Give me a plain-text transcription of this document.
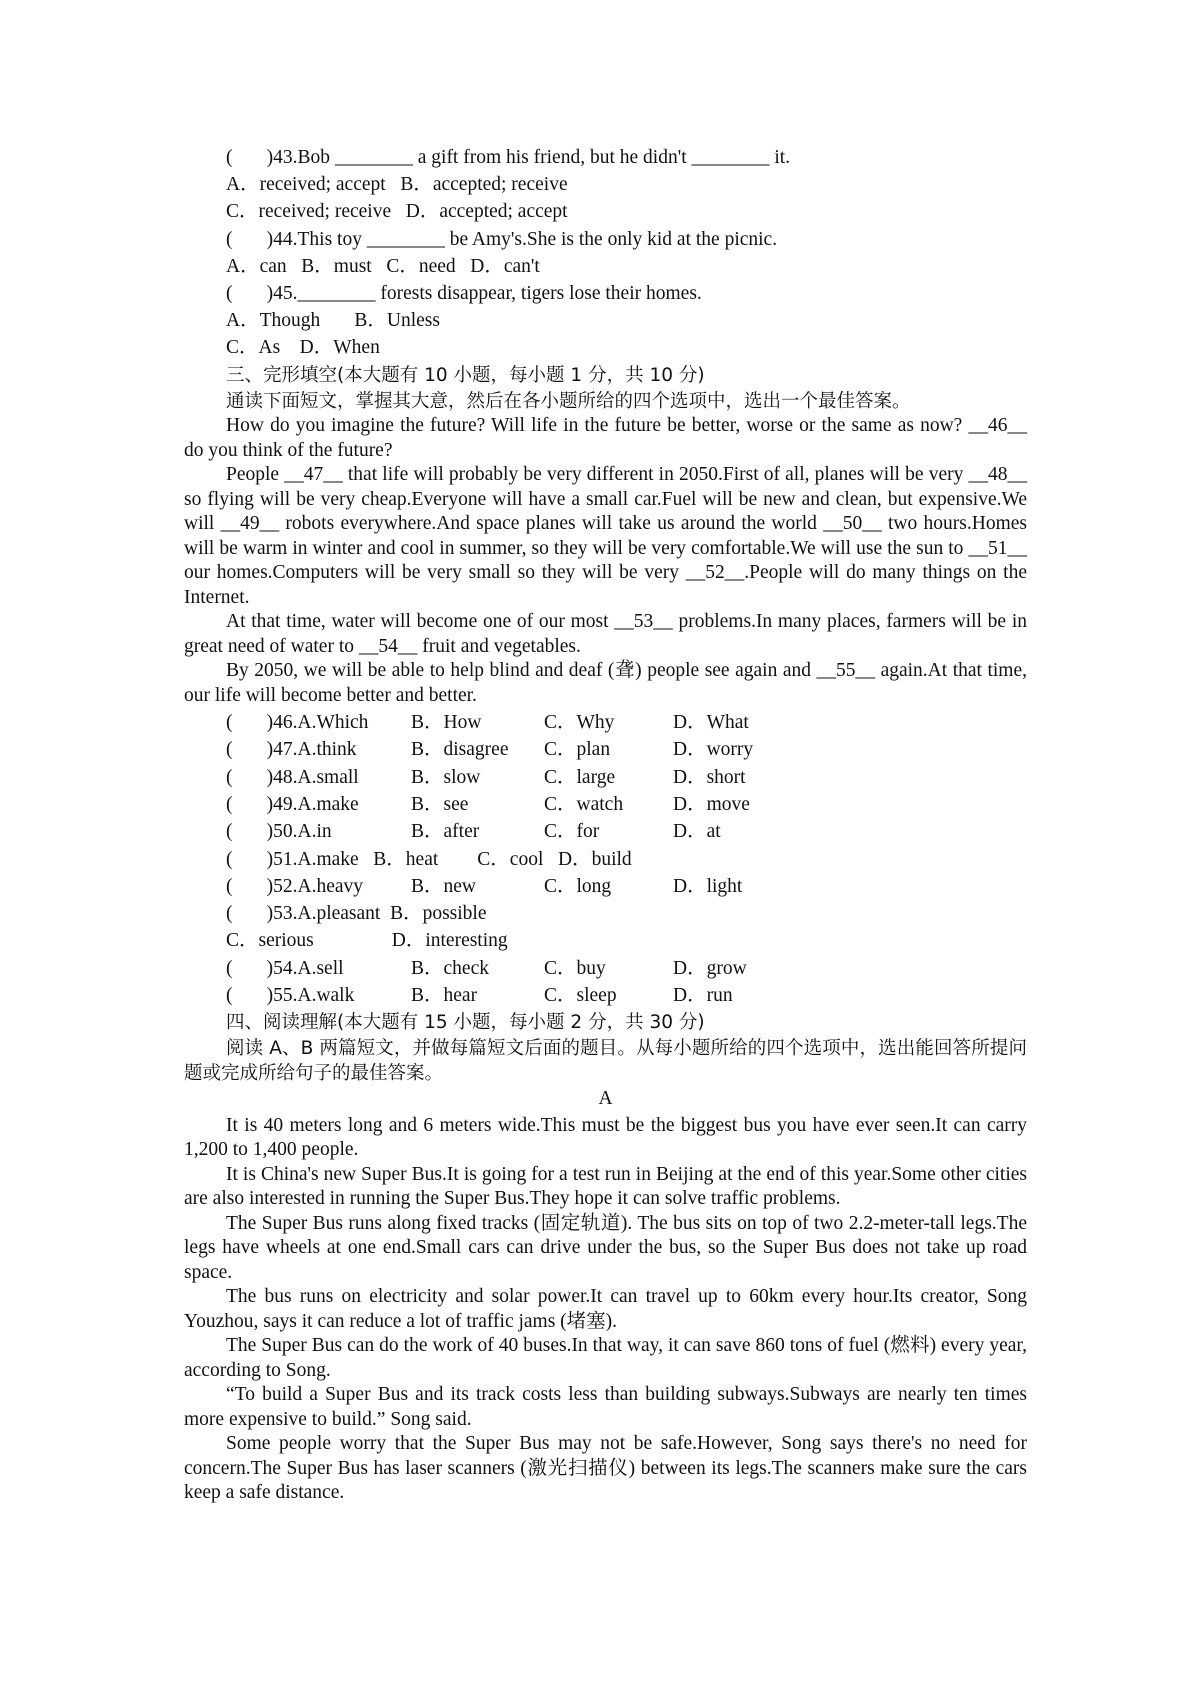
(       )43.Bob ________ a gift from his friend, but he didn't ________ it.
A．received; accept   B．accepted; receive
C．received; receive   D．accepted; accept
(       )44.This toy ________ be Amy's.She is the only kid at the picnic.
A．can   B．must   C．need   D．can't
(       )45.________ forests disappear, tigers lose their homes.
A．Though       B．Unless
C．As    D．When
三、完形填空(本大题有 10 小题，每小题 1 分，共 10 分)

通读下面短文，掌握其大意，然后在各小题所给的四个选项中，选出一个最佳答案。

How do you imagine the future? Will life in the future be better, worse or the same as now? __46__ do you think of the future?

People __47__ that life will probably be very different in 2050.First of all, planes will be very __48__ so flying will be very cheap.Everyone will have a small car.Fuel will be new and clean, but expensive.We will __49__ robots everywhere.And space planes will take us around the world __50__ two hours.Homes will be warm in winter and cool in summer, so they will be very comfortable.We will use the sun to __51__ our homes.Computers will be very small so they will be very __52__.People will do many things on the Internet.

At that time, water will become one of our most __53__ problems.In many places, farmers will be in great need of water to __54__ fruit and vegetables.

By 2050, we will be able to help blind and deaf (聋) people see again and __55__ again.At that time, our life will become better and better.

(       )46.A.Which	B．How	C．Why	D．What
(       )47.A.think	B．disagree	C．plan	D．worry
(       )48.A.small	B．slow	C．large	D．short
(       )49.A.make	B．see	C．watch	D．move
(       )50.A.in	B．after	C．for	D．at
(       )51.A.make   B．heat        C．cool   D．build
(       )52.A.heavy	B．new	C．long	D．light
(       )53.A.pleasant  B．possible
C．serious                D．interesting
(       )54.A.sell	B．check	C．buy	D．grow
(       )55.A.walk	B．hear	C．sleep	D．run
四、阅读理解(本大题有 15 小题，每小题 2 分，共 30 分)

阅读 A、B 两篇短文，并做每篇短文后面的题目。从每小题所给的四个选项中，选出能回答所提问题或完成所给句子的最佳答案。

A

It is 40 meters long and 6 meters wide.This must be the biggest bus you have ever seen.It can carry 1,200 to 1,400 people.

It is China's new Super Bus.It is going for a test run in Beijing at the end of this year.Some other cities are also interested in running the Super Bus.They hope it can solve traffic problems.

The Super Bus runs along fixed tracks (固定轨道). The bus sits on top of two 2.2-meter-tall legs.The legs have wheels at one end.Small cars can drive under the bus, so the Super Bus does not take up road space.

The bus runs on electricity and solar power.It can travel up to 60km every hour.Its creator, Song Youzhou, says it can reduce a lot of traffic jams (堵塞).

The Super Bus can do the work of 40 buses.In that way, it can save 860 tons of fuel (燃料) every year, according to Song.

“To build a Super Bus and its track costs less than building subways.Subways are nearly ten times more expensive to build.” Song said.

Some people worry that the Super Bus may not be safe.However, Song says there's no need for concern.The Super Bus has laser scanners (激光扫描仪) between its legs.The scanners make sure the cars keep a safe distance.
